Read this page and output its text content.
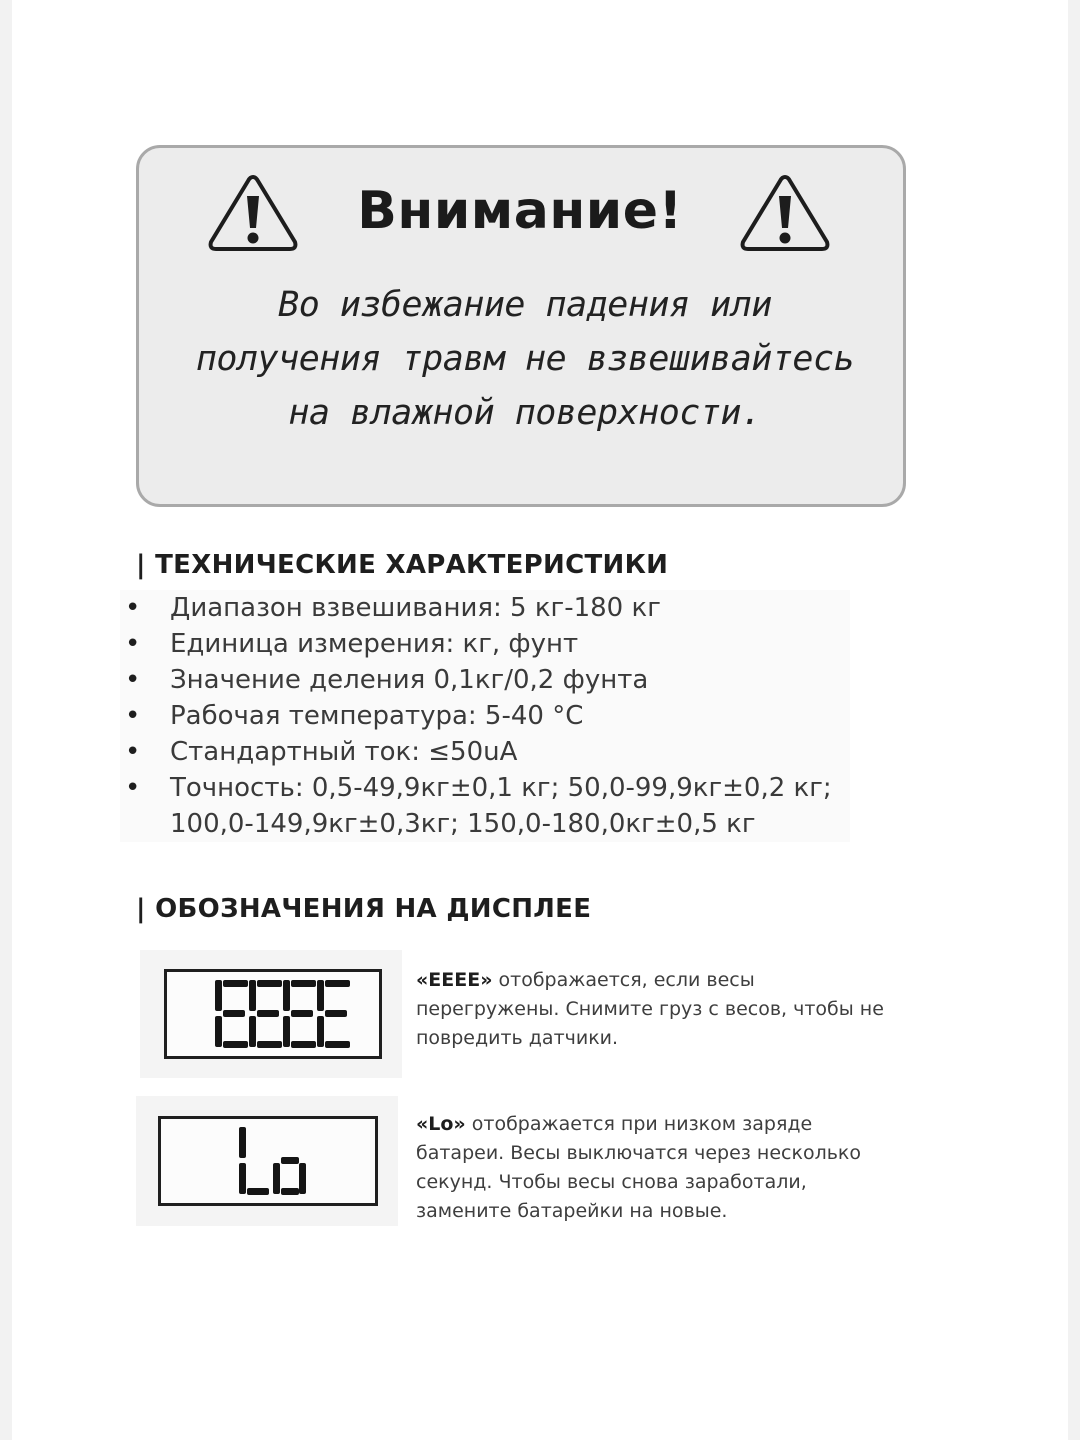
Внимание!
Во избежание падения или
получения травм не взвешивайтесь
на влажной поверхности.
| ТЕХНИЧЕСКИЕ ХАРАКТЕРИСТИКИ
• Диапазон взвешивания: 5 кг-180 кг
• Единица измерения: кг, фунт
• Значение деления 0,1кг/0,2 фунта
• Рабочая температура: 5-40 °C
• Стандартный ток: ≤50uA
• Точность: 0,5-49,9кг±0,1 кг; 50,0-99,9кг±0,2 кг; 100,0-149,9кг±0,3кг; 150,0-180,0кг±0,5 кг
| ОБОЗНАЧЕНИЯ НА ДИСПЛЕЕ
«EEEE» отображается, если весы
перегружены. Снимите груз с весов, чтобы не
повредить датчики.
«Lo» отображается при низком заряде
батареи. Весы выключатся через несколько
секунд. Чтобы весы снова заработали,
замените батарейки на новые.
